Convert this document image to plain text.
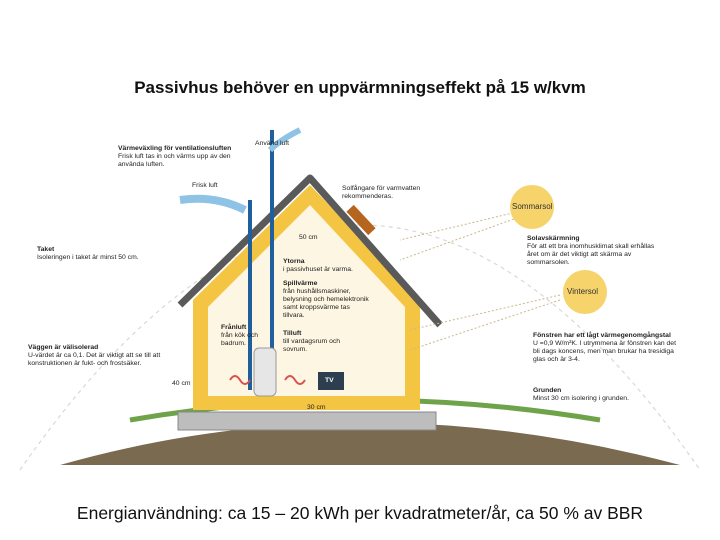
Passivhus behöver en uppvärmningseffekt på 15 w/kvm
Värmeväxling för ventilationsluften
Frisk luft tas in och värms upp av den använda luften.
Använd luft
Frisk luft	Solfångare för varmvatten rekommenderas.
Taket
Isoleringen i taket är minst 50 cm.
50 cm
Ytorna
i passivhuset är varma.
Spillvärme
från hushållsmaskiner, belysning och hemelektronik samt kroppsvärme tas tillvara.
Frånluft
från kök och badrum.
Tilluft
till vardagsrum och sovrum.
Väggen är välisolerad
U-värdet är ca 0,1. Det är viktigt att se till att konstruktionen är fukt- och frostsäker.
40 cm
30 cm
Solavskärmning
För att ett bra inomhusklimat skall erhållas året om är det viktigt att skärma av sommarsolen.
Fönstren har ett lågt värmegenomgångstal
U =0,9 W/m²K. I utrymmena är fönstren kan det bli dags koncens, men man brukar ha tresidiga glas och är 3-4.
Grunden
Minst 30 cm isolering i grunden.
Sommarsol
Vintersol
TV
Energianvändning: ca 15 – 20 kWh per kvadratmeter/år, ca 50 % av BBR
